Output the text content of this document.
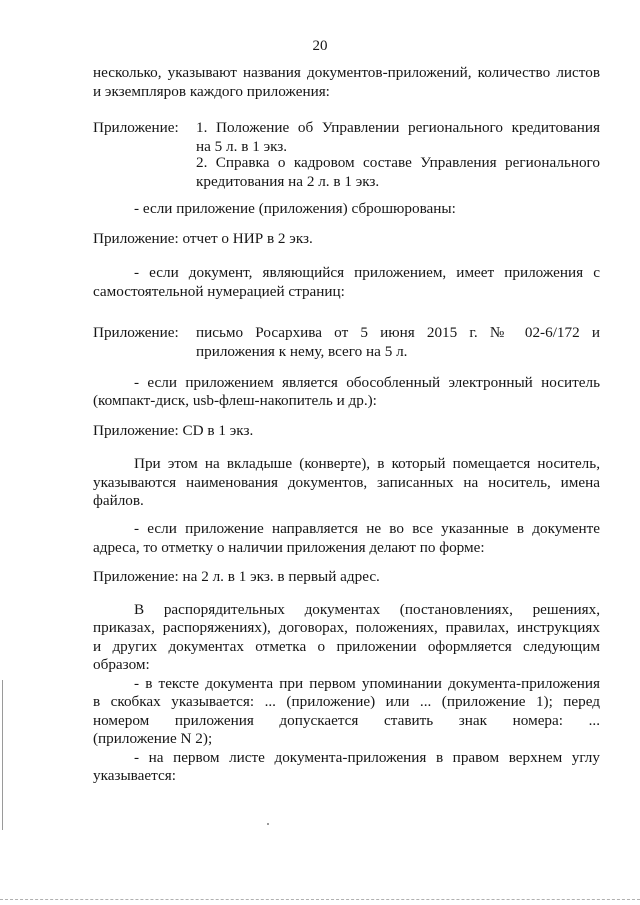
20
несколько, указывают названия документов-приложений, количество листов
и экземпляров каждого приложения:
Приложение: 1. Положение об Управлении регионального кредитования
на 5 л. в 1 экз.
2. Справка о кадровом составе Управления регионального
кредитования на 2 л. в 1 экз.
- если приложение (приложения) сброшюрованы:
Приложение: отчет о НИР в 2 экз.
- если документ, являющийся приложением, имеет приложения с
самостоятельной нумерацией страниц:
Приложение: письмо Росархива от 5 июня 2015 г. № 02-6/172 и
приложения к нему, всего на 5 л.
- если приложением является обособленный электронный носитель
(компакт-диск, usb-флеш-накопитель и др.):
Приложение: CD в 1 экз.
При этом на вкладыше (конверте), в который помещается носитель,
указываются наименования документов, записанных на носитель, имена
файлов.
- если приложение направляется не во все указанные в документе
адреса, то отметку о наличии приложения делают по форме:
Приложение: на 2 л. в 1 экз. в первый адрес.
В распорядительных документах (постановлениях, решениях,
приказах, распоряжениях), договорах, положениях, правилах, инструкциях
и других документах отметка о приложении оформляется следующим
образом:
- в тексте документа при первом упоминании документа-приложения
в скобках указывается: ... (приложение) или ... (приложение 1); перед
номером приложения допускается ставить знак номера: ...
(приложение N 2);
- на первом листе документа-приложения в правом верхнем углу
указывается:
